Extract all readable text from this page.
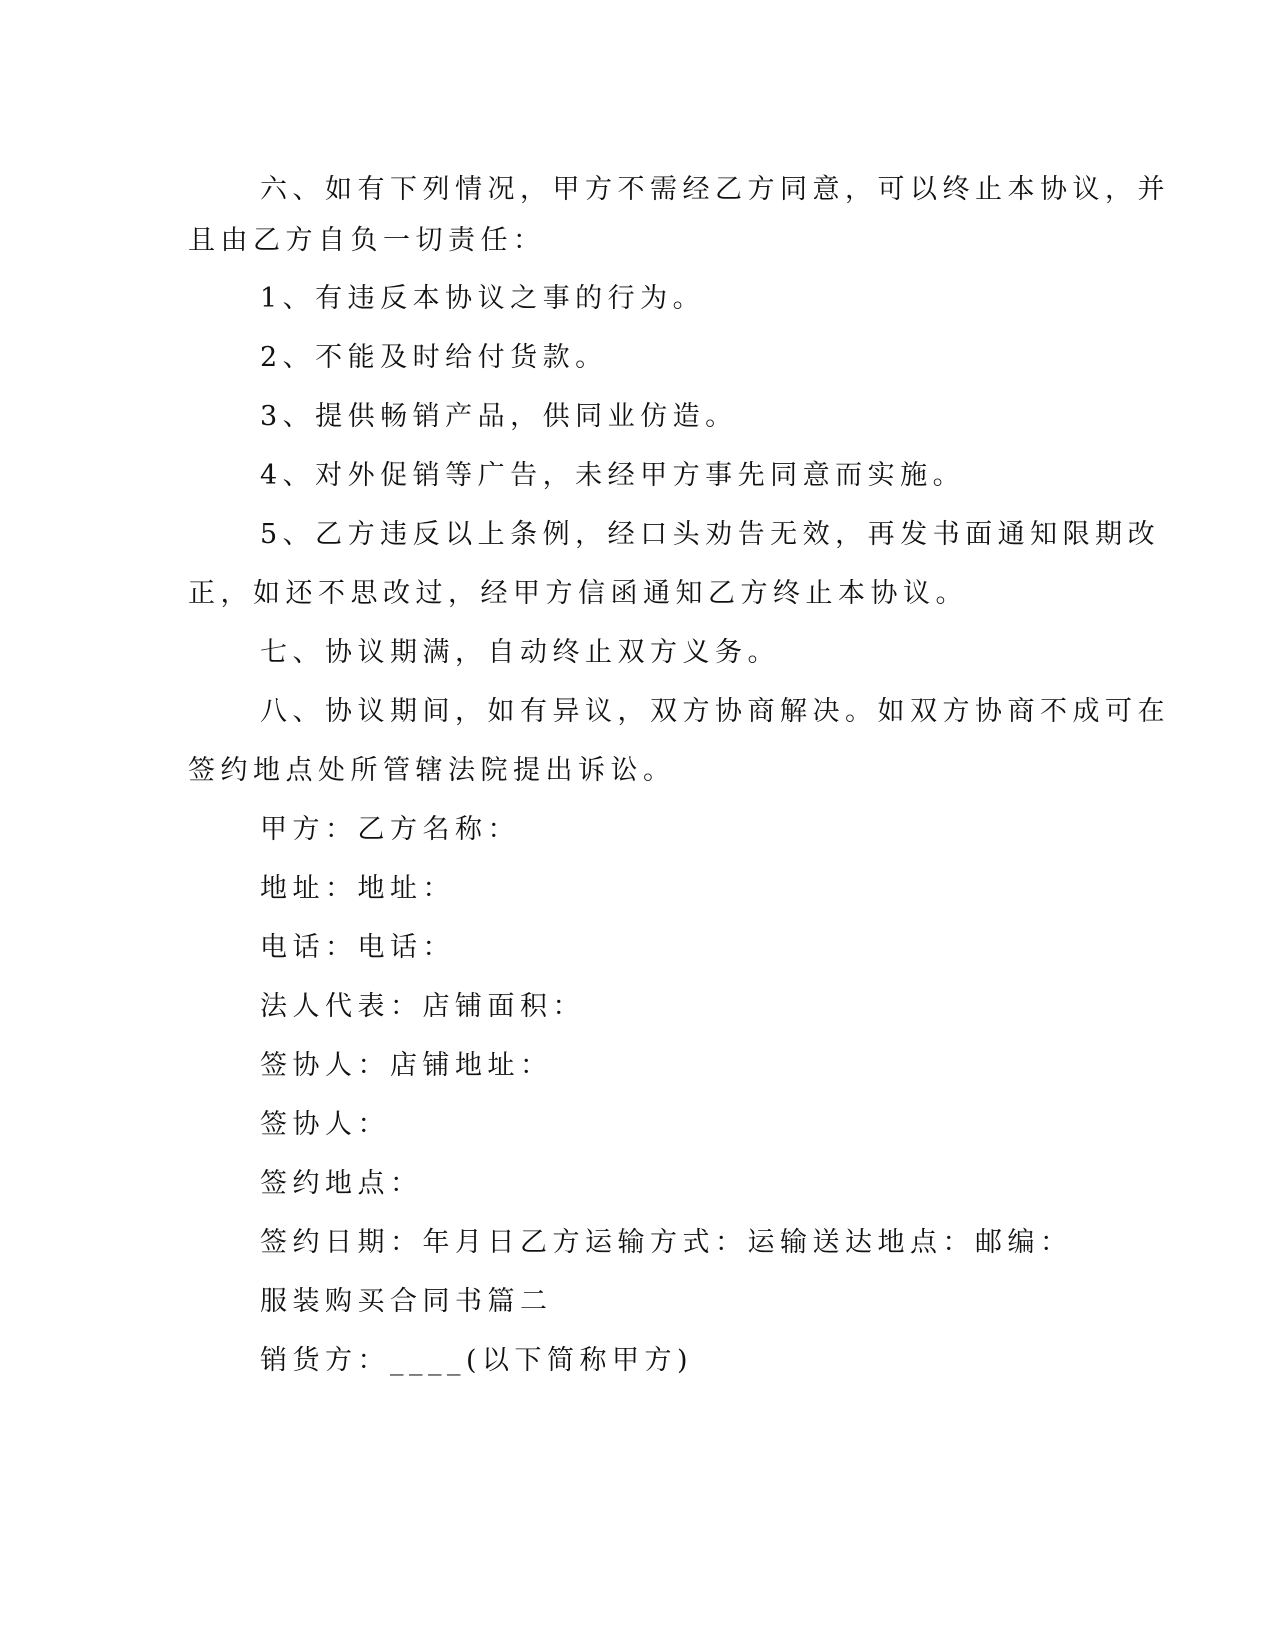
六、如有下列情况，甲方不需经乙方同意，可以终止本协议，并
且由乙方自负一切责任：
1、有违反本协议之事的行为。
2、不能及时给付货款。
3、提供畅销产品，供同业仿造。
4、对外促销等广告，未经甲方事先同意而实施。
5、乙方违反以上条例，经口头劝告无效，再发书面通知限期改
正，如还不思改过，经甲方信函通知乙方终止本协议。
七、协议期满，自动终止双方义务。
八、协议期间，如有异议，双方协商解决。如双方协商不成可在
签约地点处所管辖法院提出诉讼。
甲方：乙方名称：
地址：地址：
电话：电话：
法人代表：店铺面积：
签协人：店铺地址：
签协人：
签约地点：
签约日期：年月日乙方运输方式：运输送达地点：邮编：
服装购买合同书篇二
销货方：____(以下简称甲方)
